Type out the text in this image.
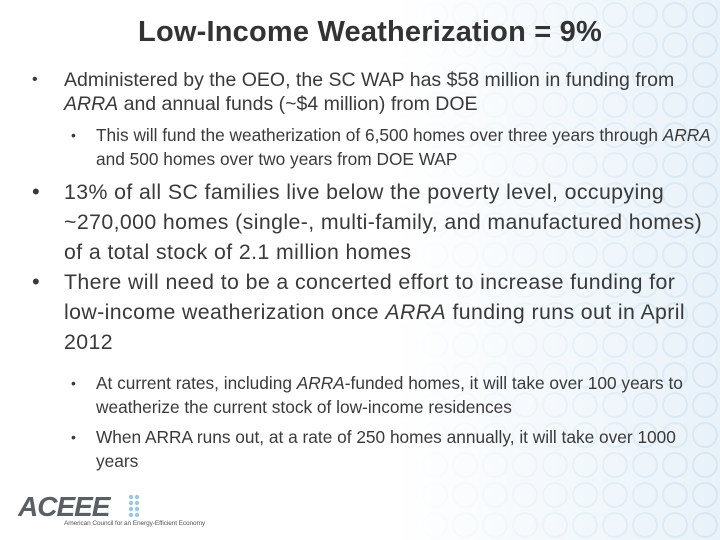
Low-Income Weatherization = 9%

• Administered by the OEO, the SC WAP has $58 million in funding from ARRA and annual funds (~$4 million) from DOE

• This will fund the weatherization of 6,500 homes over three years through ARRA and 500 homes over two years from DOE WAP

• 13% of all SC families live below the poverty level, occupying ~270,000 homes (single-, multi-family, and manufactured homes) of a total stock of 2.1 million homes

• There will need to be a concerted effort to increase funding for low-income weatherization once ARRA funding runs out in April 2012

• At current rates, including ARRA-funded homes, it will take over 100 years to weatherize the current stock of low-income residences

• When ARRA runs out, at a rate of 250 homes annually, it will take over 1000 years

ACEEE
American Council for an Energy-Efficient Economy
